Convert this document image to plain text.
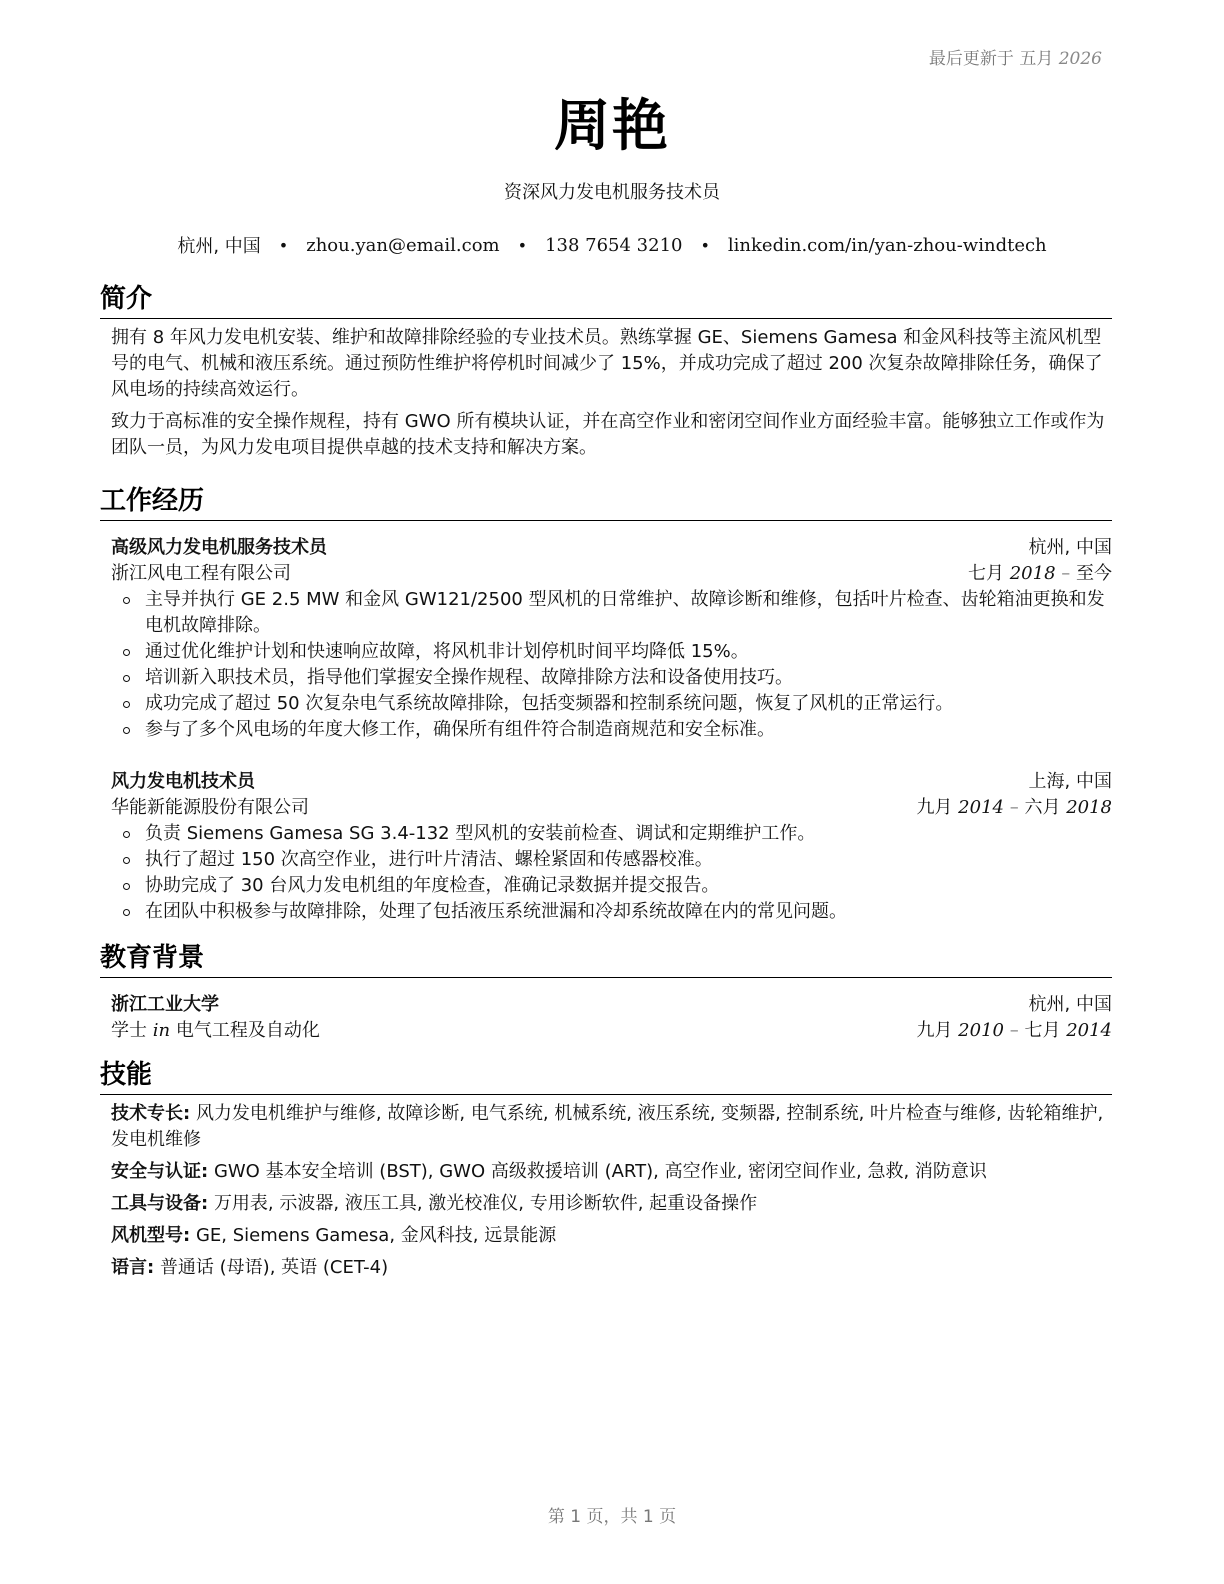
最后更新于 五月 2026
周艳
资深风力发电机服务技术员
杭州, 中国 • zhou.yan@email.com • 138 7654 3210 • linkedin.com/in/yan-zhou-windtech
简介
拥有 8 年风力发电机安装、维护和故障排除经验的专业技术员。熟练掌握 GE、Siemens Gamesa 和金风科技等主流风机型号的电气、机械和液压系统。通过预防性维护将停机时间减少了 15%，并成功完成了超过 200 次复杂故障排除任务，确保了风电场的持续高效运行。
致力于高标准的安全操作规程，持有 GWO 所有模块认证，并在高空作业和密闭空间作业方面经验丰富。能够独立工作或作为团队一员，为风力发电项目提供卓越的技术支持和解决方案。
工作经历
高级风力发电机服务技术员	杭州, 中国
浙江风电工程有限公司	七月 2018 – 至今
主导并执行 GE 2.5 MW 和金风 GW121/2500 型风机的日常维护、故障诊断和维修，包括叶片检查、齿轮箱油更换和发电机故障排除。
通过优化维护计划和快速响应故障，将风机非计划停机时间平均降低 15%。
培训新入职技术员，指导他们掌握安全操作规程、故障排除方法和设备使用技巧。
成功完成了超过 50 次复杂电气系统故障排除，包括变频器和控制系统问题，恢复了风机的正常运行。
参与了多个风电场的年度大修工作，确保所有组件符合制造商规范和安全标准。
风力发电机技术员	上海, 中国
华能新能源股份有限公司	九月 2014 – 六月 2018
负责 Siemens Gamesa SG 3.4-132 型风机的安装前检查、调试和定期维护工作。
执行了超过 150 次高空作业，进行叶片清洁、螺栓紧固和传感器校准。
协助完成了 30 台风力发电机组的年度检查，准确记录数据并提交报告。
在团队中积极参与故障排除，处理了包括液压系统泄漏和冷却系统故障在内的常见问题。
教育背景
浙江工业大学	杭州, 中国
学士 in 电气工程及自动化	九月 2010 – 七月 2014
技能
技术专长: 风力发电机维护与维修, 故障诊断, 电气系统, 机械系统, 液压系统, 变频器, 控制系统, 叶片检查与维修, 齿轮箱维护, 发电机维修
安全与认证: GWO 基本安全培训 (BST), GWO 高级救援培训 (ART), 高空作业, 密闭空间作业, 急救, 消防意识
工具与设备: 万用表, 示波器, 液压工具, 激光校准仪, 专用诊断软件, 起重设备操作
风机型号: GE, Siemens Gamesa, 金风科技, 远景能源
语言: 普通话 (母语), 英语 (CET-4)
第 1 页，共 1 页
